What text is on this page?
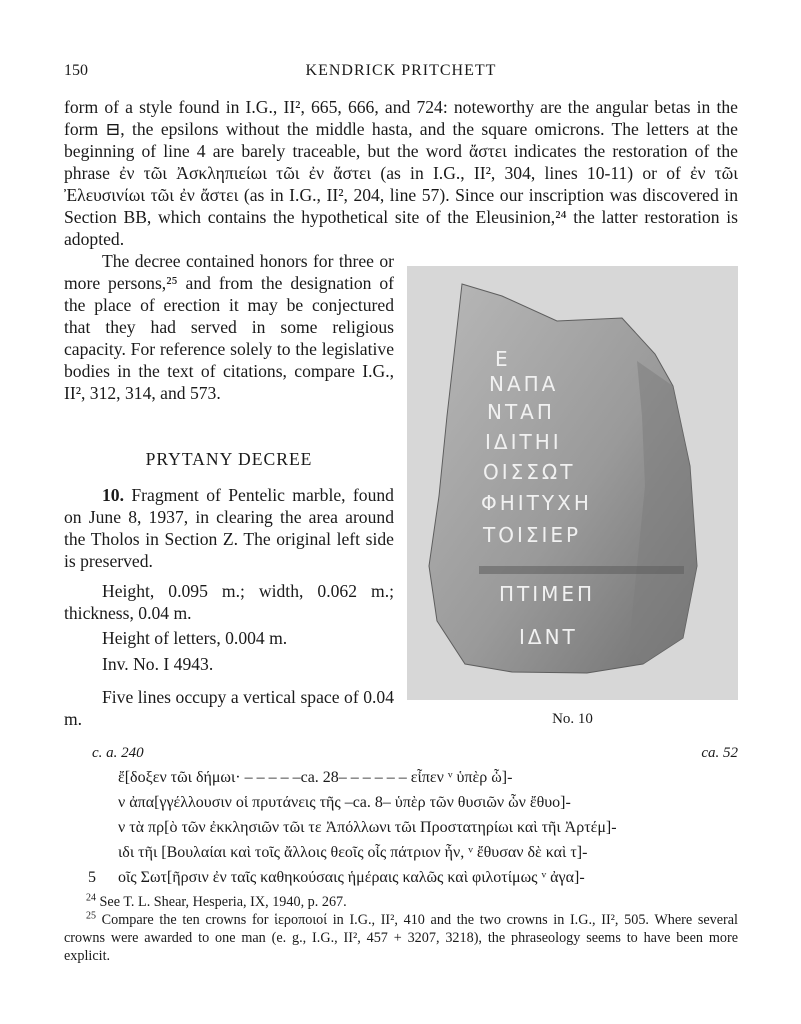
150	KENDRICK PRITCHETT

form of a style found in I.G., II², 665, 666, and 724: noteworthy are the angular betas in the form ⊟, the epsilons without the middle hasta, and the square omicrons. The letters at the beginning of line 4 are barely traceable, but the word ἄστει indicates the restoration of the phrase ἐν τῶι Ἀσκληπιείωι τῶι ἐν ἄστει (as in I.G., II², 304, lines 10-11) or of ἐν τῶι Ἐλευσινίωι τῶι ἐν ἄστει (as in I.G., II², 204, line 57). Since our inscription was discovered in Section BB, which contains the hypothetical site of the Eleusinion,²⁴ the latter restoration is adopted.

The decree contained honors for three or more persons,²⁵ and from the designation of the place of erection it may be conjectured that they had served in some religious capacity. For reference solely to the legislative bodies in the text of citations, compare I.G., II², 312, 314, and 573.

PRYTANY DECREE

10. Fragment of Pentelic marble, found on June 8, 1937, in clearing the area around the Tholos in Section Z. The original left side is preserved.

Height, 0.095 m.; width, 0.062 m.; thickness, 0.04 m.

Height of letters, 0.004 m.

Inv. No. I 4943.

Five lines occupy a vertical space of 0.04 m.

Ε
ΝΑΠΑ
ΝΤΑΠ
ΙΔΙΤΗΙ
ΟΙΣΣΩΤ
ΦΗΙΤΥΧΗ
ΤΟΙΣΙΕΡ
ΠΤΙΜΕΠ
ΙΔΝΤ
No. 10
c. a. 240	ca. 52
ἔ[δοξεν τῶι δήμωι· – – – – –ca. 28– – – – – – εἶπεν ᵛ ὑπὲρ ὧ]-
ν ἀπα[γγέλλουσιν οἱ πρυτάνεις τῆς –ca. 8– ὑπὲρ τῶν θυσιῶν ὧν ἔθυο]-
ν τὰ πρ[ὸ τῶν ἐκκλησιῶν τῶι τε Ἀπόλλωνι τῶι Προστατηρίωι καὶ τῆι Ἀρτέμ]-
ιδι τῆι [Βουλαίαι καὶ τοῖς ἄλλοις θεοῖς οἷς πάτριον ἦν, ᵛ ἔθυσαν δὲ καὶ τ]-
5 οῖς Σωτ[ῆρσιν ἐν ταῖς καθηκούσαις ἡμέραις καλῶς καὶ φιλοτίμως ᵛ ἀγα]-
$^{24}$ See T. L. Shear, Hesperia, IX, 1940, p. 267.
$^{25}$ Compare the ten crowns for ἱεροποιοί in I.G., II², 410 and the two crowns in I.G., II², 505. Where several crowns were awarded to one man (e. g., I.G., II², 457 + 3207, 3218), the phraseology seems to have been more explicit.
